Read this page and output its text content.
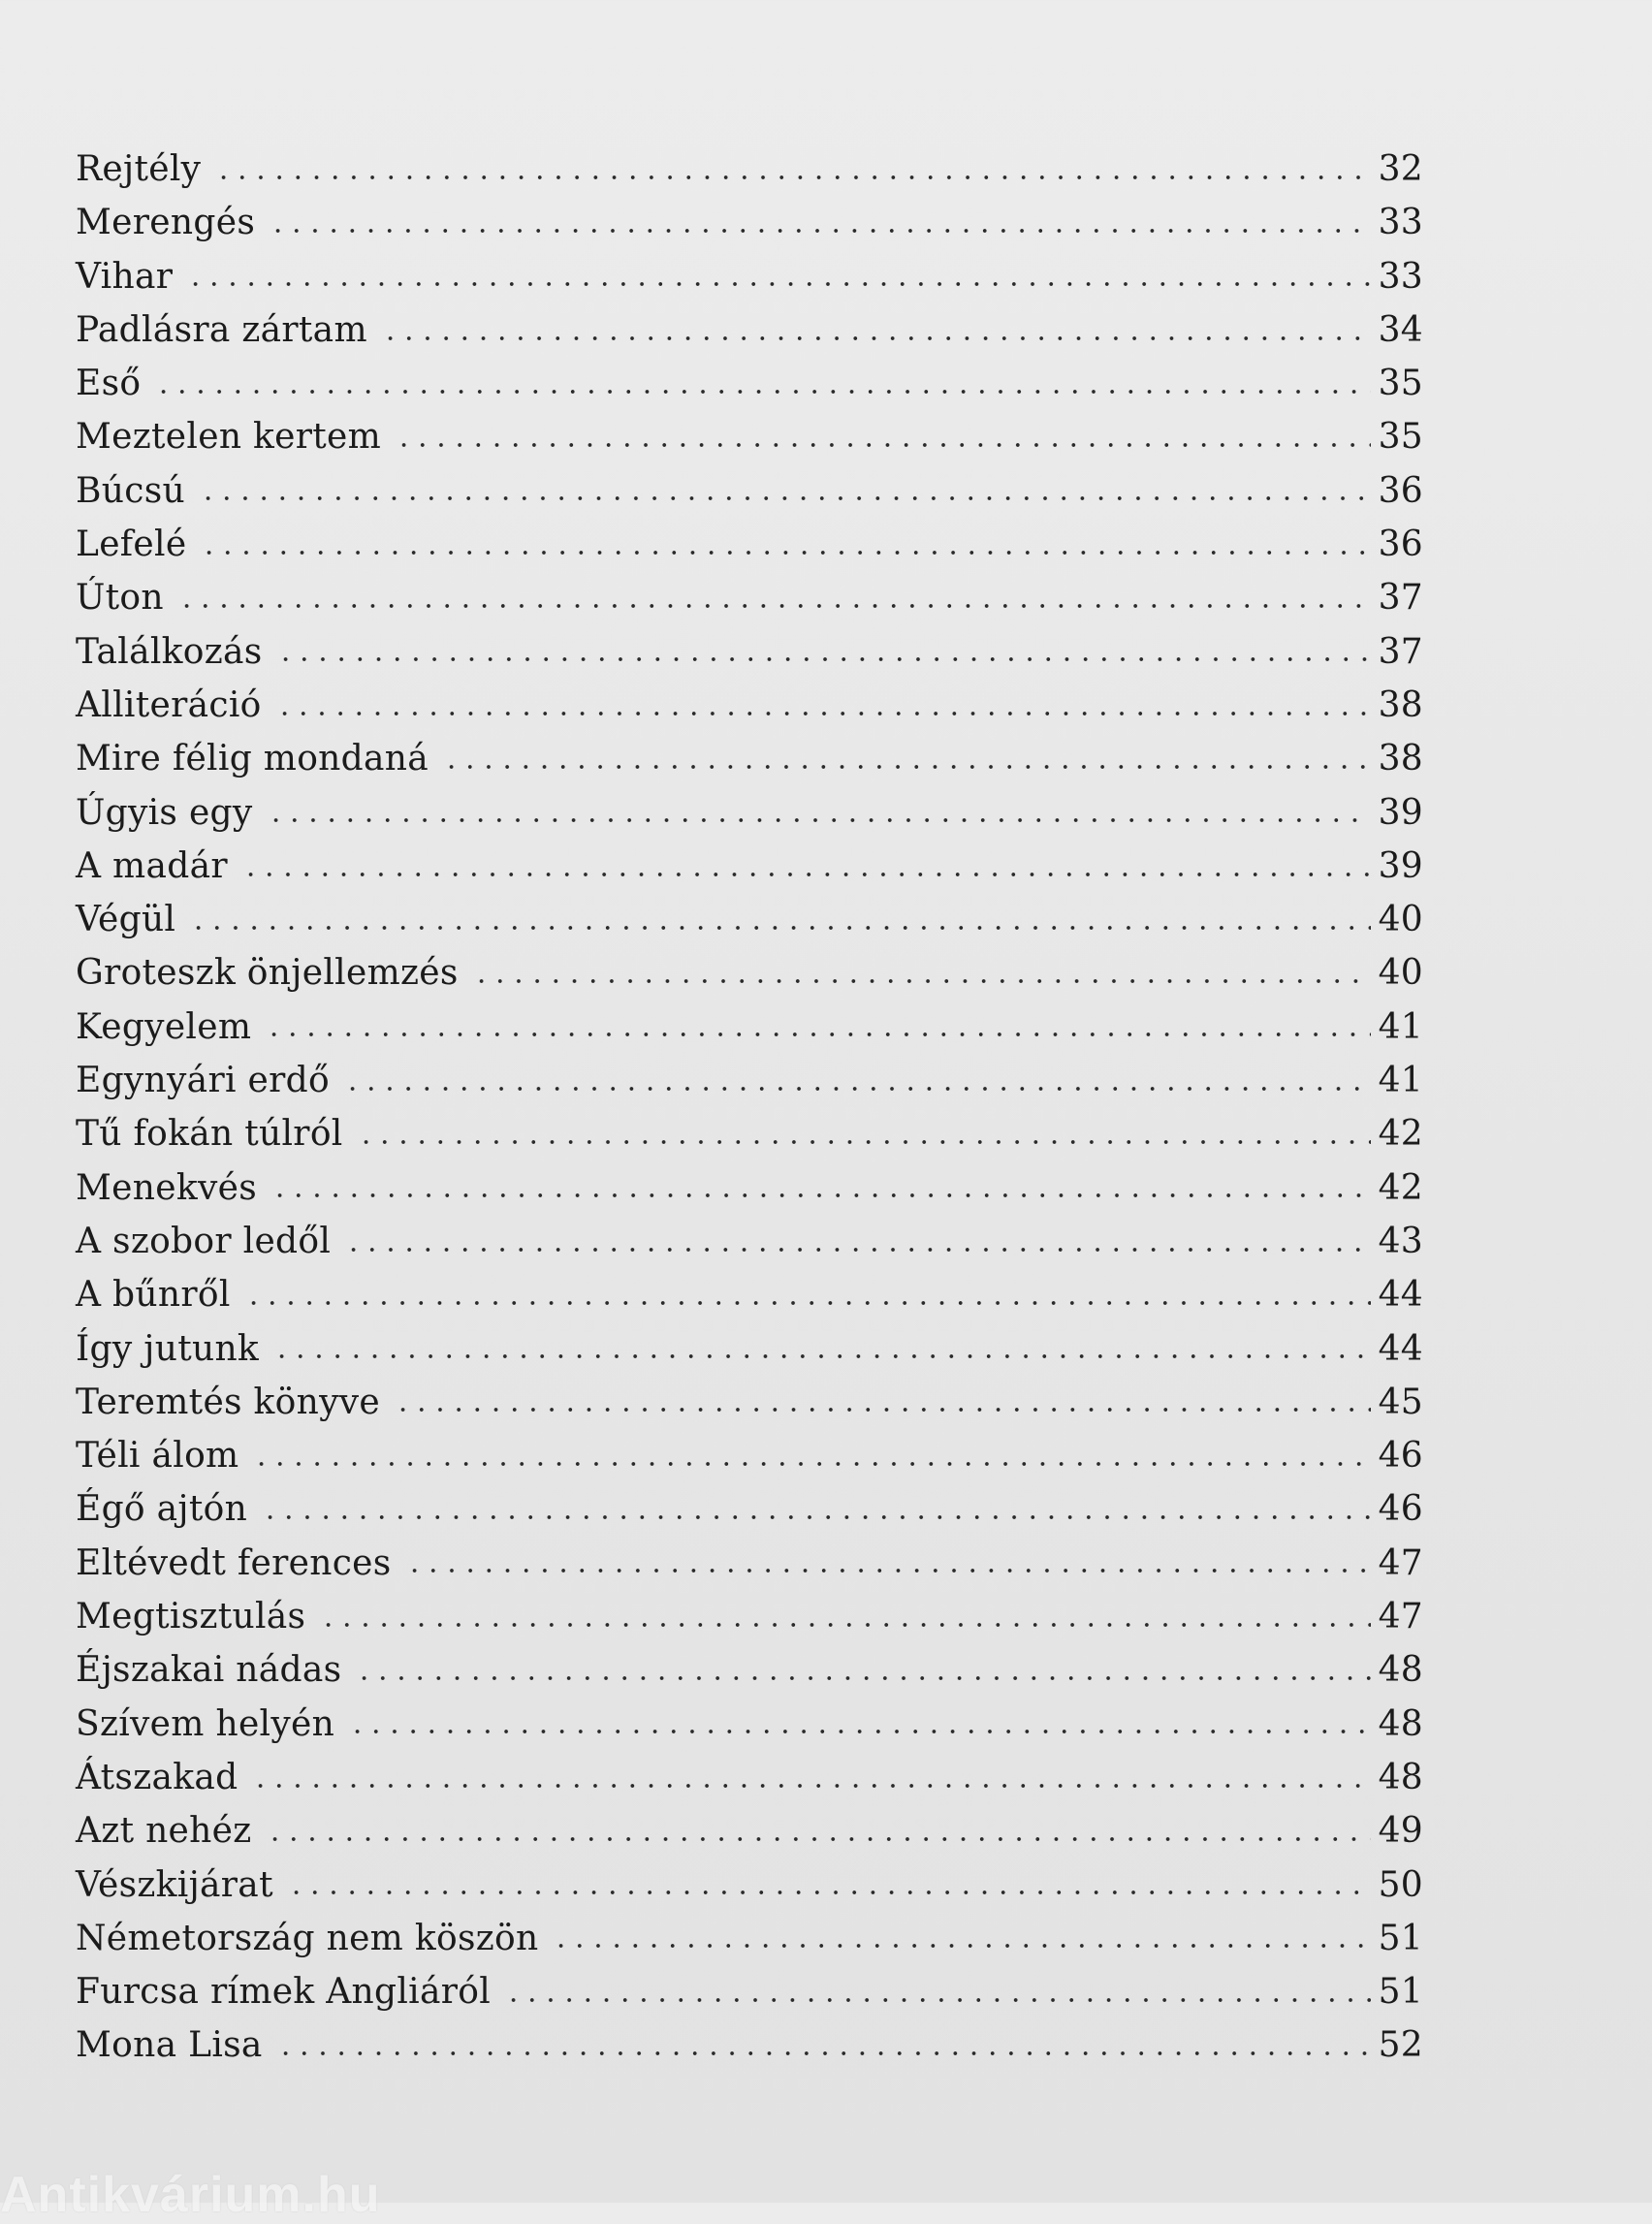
Rejtély	32
Merengés	33
Vihar	33
Padlásra zártam	34
Eső	35
Meztelen kertem	35
Búcsú	36
Lefelé	36
Úton	37
Találkozás	37
Alliteráció	38
Mire félig mondaná	38
Úgyis egy	39
A madár	39
Végül	40
Groteszk önjellemzés	40
Kegyelem	41
Egynyári erdő	41
Tű fokán túlról	42
Menekvés	42
A szobor ledől	43
A bűnről	44
Így jutunk	44
Teremtés könyve	45
Téli álom	46
Égő ajtón	46
Eltévedt ferences	47
Megtisztulás	47
Éjszakai nádas	48
Szívem helyén	48
Átszakad	48
Azt nehéz	49
Vészkijárat	50
Németország nem köszön	51
Furcsa rímek Angliáról	51
Mona Lisa	52
Antikvárium.hu
